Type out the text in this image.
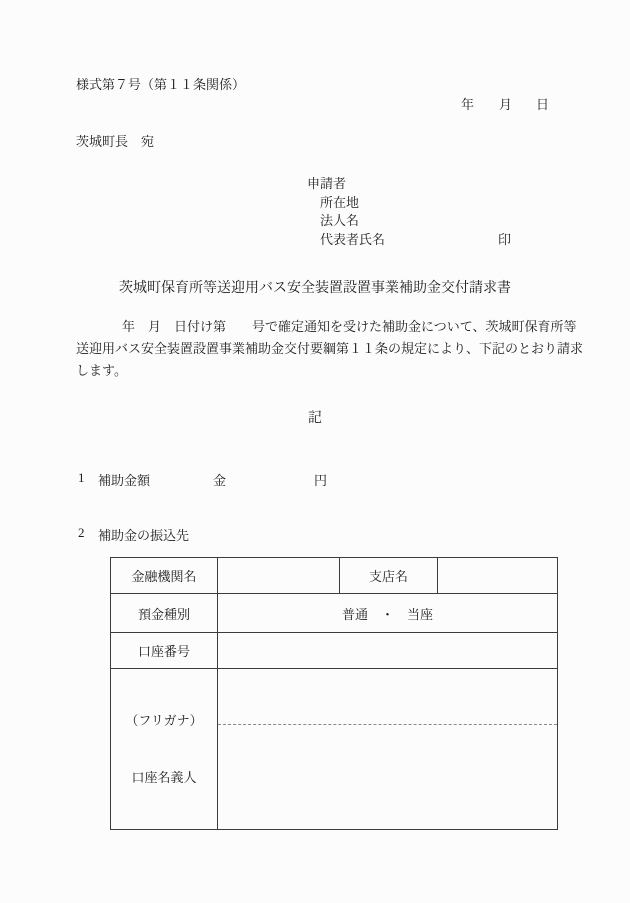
様式第７号（第１１条関係）
年 月 日
茨城町長　宛
申請者
所在地
法人名
代表者氏名	印
茨城町保育所等送迎用バス安全装置設置事業補助金交付請求書
年　月　日付け第　　号で確定通知を受けた補助金について、茨城町保育所等
送迎用バス安全装置設置事業補助金交付要綱第１１条の規定により、下記のとおり請求
します。
記
1 補助金額	金	円
2 補助金の振込先
金融機関名		支店名	
預金種別	普通　・　当座		
口座番号			

（フリガナ）

口座名義人			
